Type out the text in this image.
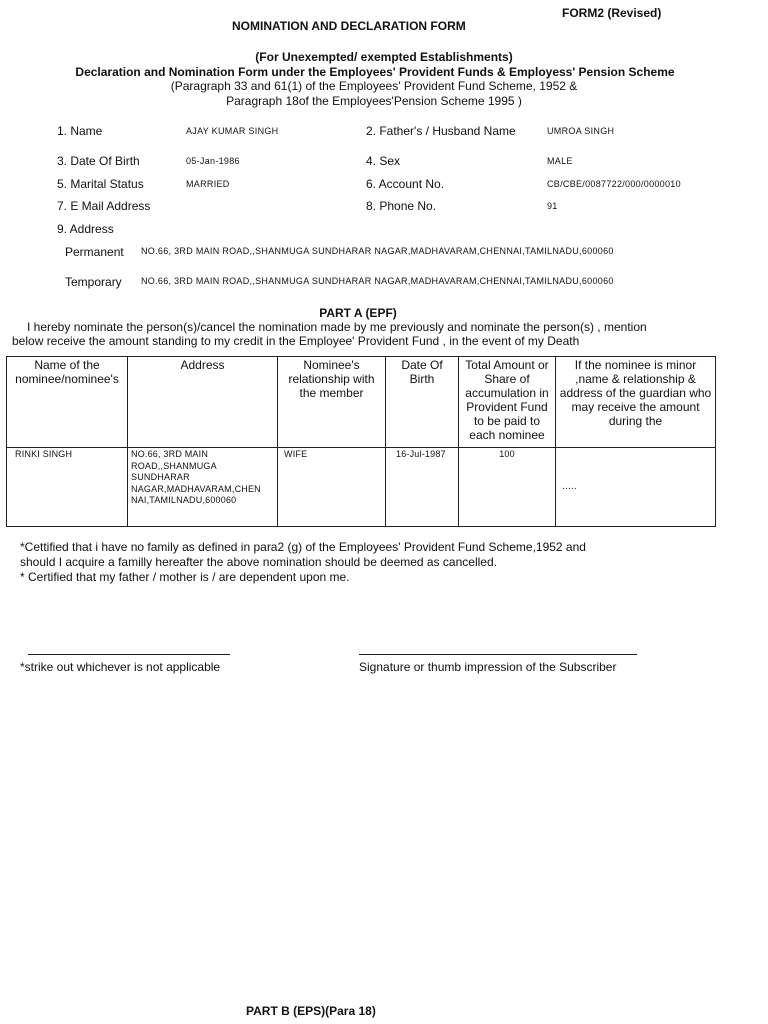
FORM2 (Revised)
NOMINATION AND DECLARATION FORM
(For Unexempted/ exempted Establishments)
Declaration and Nomination Form under the Employees' Provident Funds & Employess' Pension Scheme
(Paragraph 33 and 61(1) of the Employees' Provident Fund Scheme, 1952 &
Paragraph 18of the Employees'Pension Scheme 1995 )
1. Name	AJAY KUMAR SINGH	2. Father's / Husband Name	UMROA SINGH
3. Date Of Birth	05-Jan-1986	4. Sex	MALE
5. Marital Status	MARRIED	6. Account No.	CB/CBE/0087722/000/0000010
7. E Mail Address	8. Phone No.	91
9. Address
Permanent NO.66, 3RD MAIN ROAD,,SHANMUGA SUNDHARAR NAGAR,MADHAVARAM,CHENNAI,TAMILNADU,600060
Temporary NO.66, 3RD MAIN ROAD,,SHANMUGA SUNDHARAR NAGAR,MADHAVARAM,CHENNAI,TAMILNADU,600060
PART A (EPF)
I hereby nominate the person(s)/cancel the nomination made by me previously and nominate the person(s) , mention
below receive the amount standing to my credit in the Employee' Provident Fund , in the event of my Death
Name of the nominee/nominee's	Address	Nominee's relationship with the member	Date Of Birth	Total Amount or Share of accumulation in Provident Fund to be paid to each nominee	If the nominee is minor ,name & relationship & address of the guardian who may receive the amount during the
RINKI SINGH	NO.66, 3RD MAIN ROAD,,SHANMUGA SUNDHARAR NAGAR,MADHAVARAM,CHEN NAI,TAMILNADU,600060	WIFE	16-Jul-1987	100	.....
*Cettified that i have no family as defined in para2 (g) of the Employees' Provident Fund Scheme,1952 and
should I acquire a familly hereafter the above nomination should be deemed as cancelled.
* Certified that my father / mother is / are dependent upon me.
*strike out whichever is not applicable	Signature or thumb impression of the Subscriber
PART B (EPS)(Para 18)
